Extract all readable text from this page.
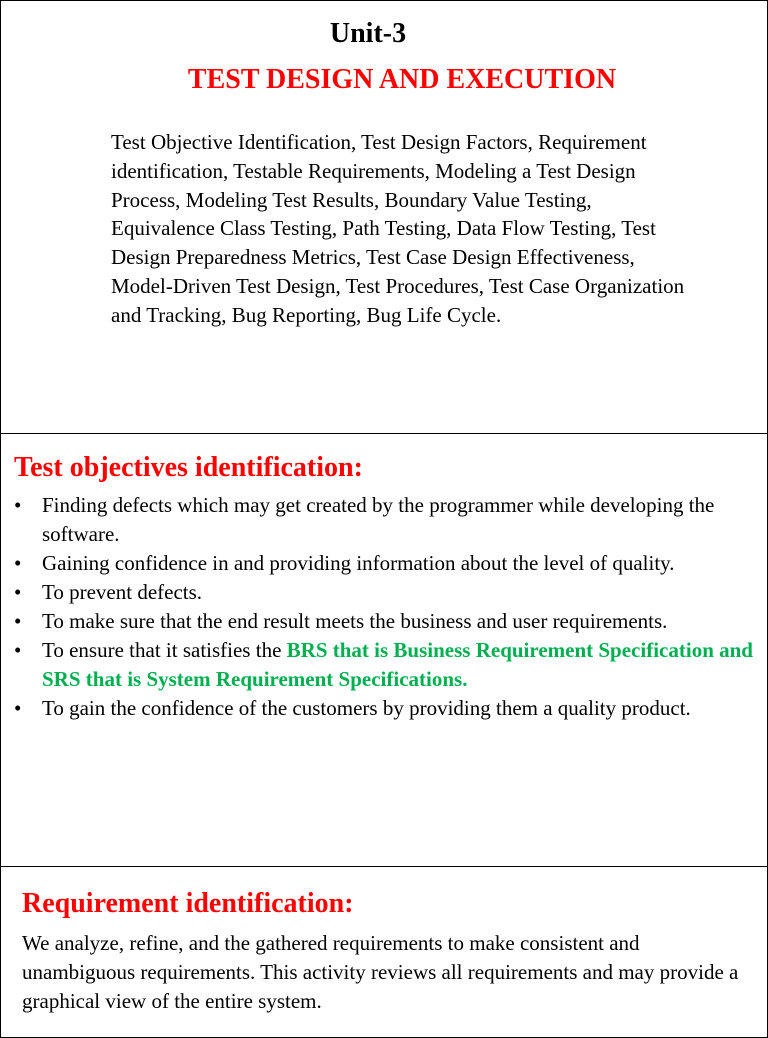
Unit-3
TEST DESIGN AND EXECUTION

Test Objective Identification, Test Design Factors, Requirement identification, Testable Requirements, Modeling a Test Design Process, Modeling Test Results, Boundary Value Testing, Equivalence Class Testing, Path Testing, Data Flow Testing, Test Design Preparedness Metrics, Test Case Design Effectiveness, Model-Driven Test Design, Test Procedures, Test Case Organization and Tracking, Bug Reporting, Bug Life Cycle.

Test objectives identification:
• Finding defects which may get created by the programmer while developing the software.
• Gaining confidence in and providing information about the level of quality.
• To prevent defects.
• To make sure that the end result meets the business and user requirements.
• To ensure that it satisfies the BRS that is Business Requirement Specification and SRS that is System Requirement Specifications.
• To gain the confidence of the customers by providing them a quality product.
Requirement identification:

We analyze, refine, and the gathered requirements to make consistent and unambiguous requirements. This activity reviews all requirements and may provide a graphical view of the entire system.
